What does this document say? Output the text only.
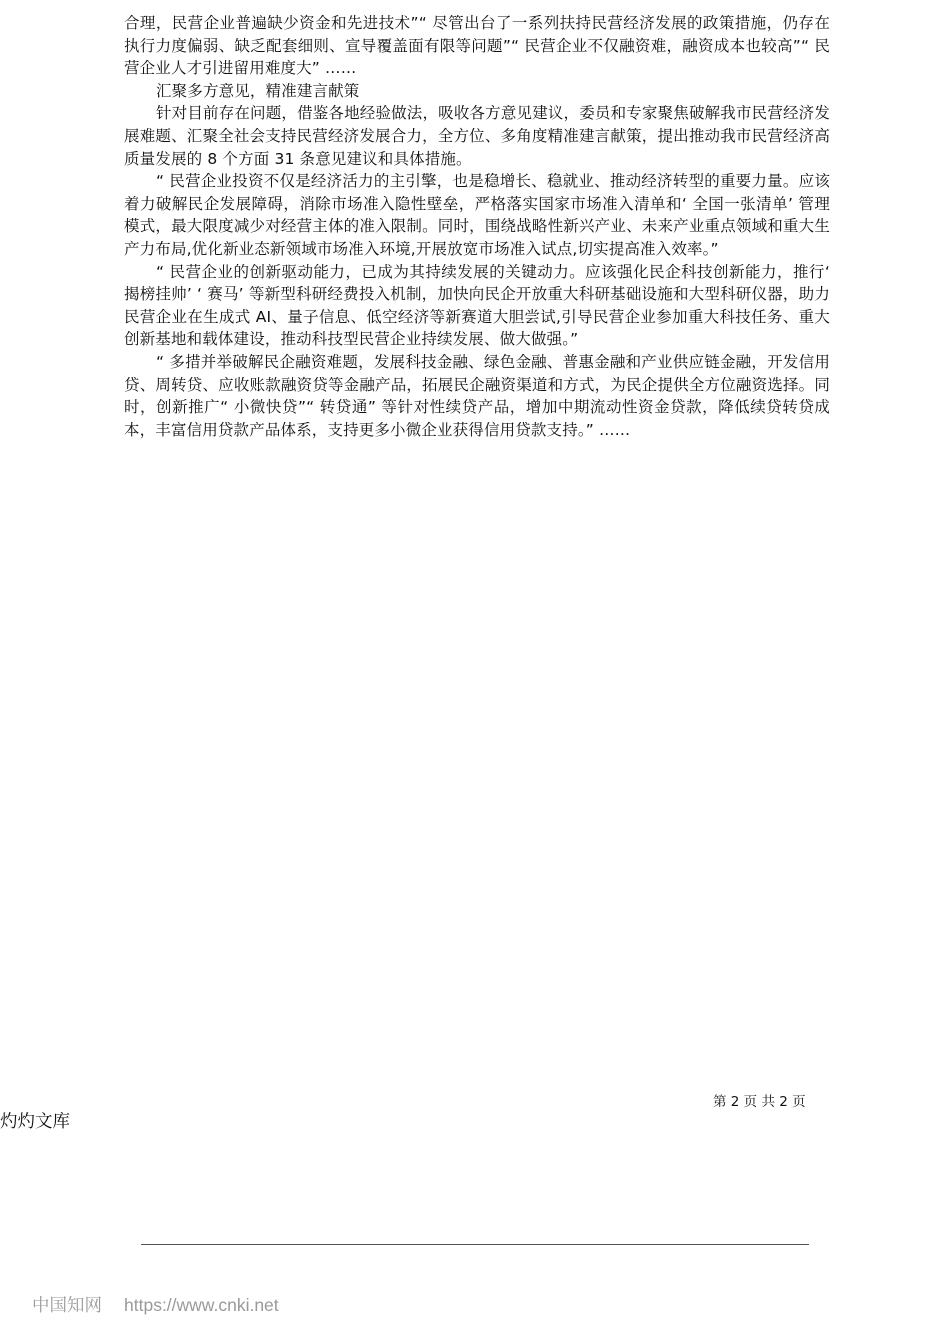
合理，民营企业普遍缺少资金和先进技术”“ 尽管出台了一系列扶持民营经济发展的政策措施，仍存在执行力度偏弱、缺乏配套细则、宣导覆盖面有限等问题”“ 民营企业不仅融资难，融资成本也较高”“ 民营企业人才引进留用难度大” ……

汇聚多方意见，精准建言献策

针对目前存在问题，借鉴各地经验做法，吸收各方意见建议，委员和专家聚焦破解我市民营经济发展难题、汇聚全社会支持民营经济发展合力，全方位、多角度精准建言献策，提出推动我市民营经济高质量发展的 8 个方面 31 条意见建议和具体措施。

“ 民营企业投资不仅是经济活力的主引擎，也是稳增长、稳就业、推动经济转型的重要力量。应该着力破解民企发展障碍，消除市场准入隐性壁垒，严格落实国家市场准入清单和‘ 全国一张清单’ 管理模式，最大限度减少对经营主体的准入限制。同时，围绕战略性新兴产业、未来产业重点领域和重大生产力布局,优化新业态新领域市场准入环境,开展放宽市场准入试点,切实提高准入效率。”

“ 民营企业的创新驱动能力，已成为其持续发展的关键动力。应该强化民企科技创新能力，推行‘ 揭榜挂帅’ ‘ 赛马’ 等新型科研经费投入机制，加快向民企开放重大科研基础设施和大型科研仪器，助力民营企业在生成式 AI、量子信息、低空经济等新赛道大胆尝试,引导民营企业参加重大科技任务、重大创新基地和载体建设，推动科技型民营企业持续发展、做大做强。”

“ 多措并举破解民企融资难题，发展科技金融、绿色金融、普惠金融和产业供应链金融，开发信用贷、周转贷、应收账款融资贷等金融产品，拓展民企融资渠道和方式，为民企提供全方位融资选择。同时，创新推广“ 小微快贷”“ 转贷通” 等针对性续贷产品，增加中期流动性资金贷款，降低续贷转贷成本，丰富信用贷款产品体系，支持更多小微企业获得信用贷款支持。” ……

第 2 页 共 2 页
灼灼文库
中国知网 https://www.cnki.net
